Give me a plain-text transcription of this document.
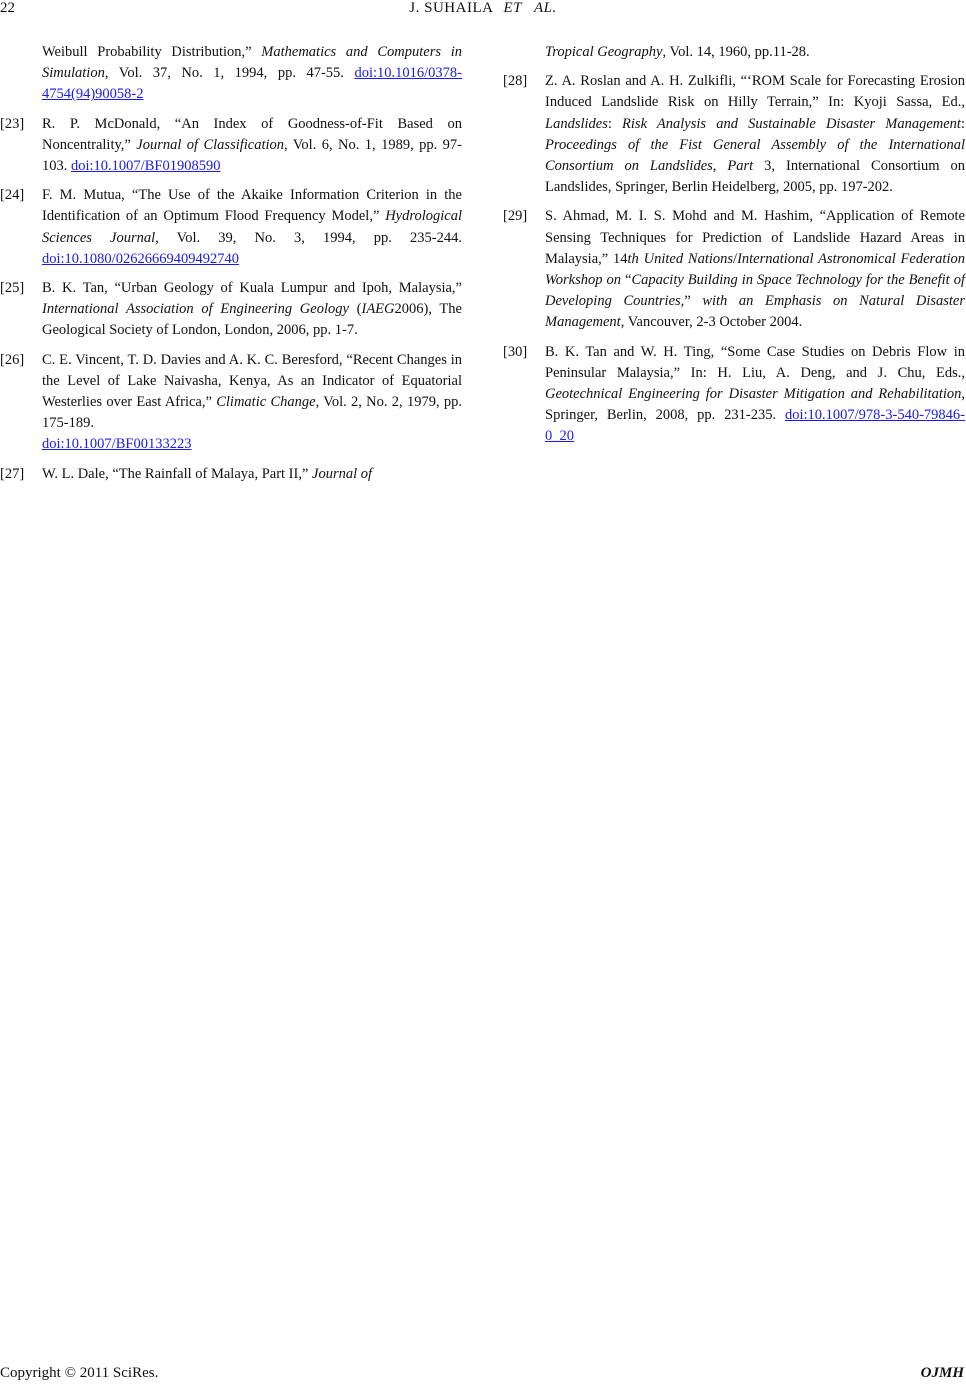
22	J. SUHAILA ET AL.
Weibull Probability Distribution,” Mathematics and Computers in Simulation, Vol. 37, No. 1, 1994, pp. 47-55. doi:10.1016/0378-4754(94)90058-2
[23]	R. P. McDonald, “An Index of Goodness-of-Fit Based on Noncentrality,” Journal of Classification, Vol. 6, No. 1, 1989, pp. 97-103. doi:10.1007/BF01908590
[24]	F. M. Mutua, “The Use of the Akaike Information Criterion in the Identification of an Optimum Flood Frequency Model,” Hydrological Sciences Journal, Vol. 39, No. 3, 1994, pp. 235-244. doi:10.1080/02626669409492740
[25]	B. K. Tan, “Urban Geology of Kuala Lumpur and Ipoh, Malaysia,” International Association of Engineering Geology (IAEG2006), The Geological Society of London, London, 2006, pp. 1-7.
[26]	C. E. Vincent, T. D. Davies and A. K. C. Beresford, “Recent Changes in the Level of Lake Naivasha, Kenya, As an Indicator of Equatorial Westerlies over East Africa,” Climatic Change, Vol. 2, No. 2, 1979, pp. 175-189.
doi:10.1007/BF00133223
[27]	W. L. Dale, “The Rainfall of Malaya, Part II,” Journal of
Tropical Geography, Vol. 14, 1960, pp.11-28.
[28]	Z. A. Roslan and A. H. Zulkifli, “‘ROM Scale for Forecasting Erosion Induced Landslide Risk on Hilly Terrain,” In: Kyoji Sassa, Ed., Landslides: Risk Analysis and Sustainable Disaster Management: Proceedings of the Fist General Assembly of the International Consortium on Landslides, Part 3, International Consortium on Landslides, Springer, Berlin Heidelberg, 2005, pp. 197-202.
[29]	S. Ahmad, M. I. S. Mohd and M. Hashim, “Application of Remote Sensing Techniques for Prediction of Landslide Hazard Areas in Malaysia,” 14th United Nations/International Astronomical Federation Workshop on “Capacity Building in Space Technology for the Benefit of Developing Countries,” with an Emphasis on Natural Disaster Management, Vancouver, 2-3 October 2004.
[30]	B. K. Tan and W. H. Ting, “Some Case Studies on Debris Flow in Peninsular Malaysia,” In: H. Liu, A. Deng, and J. Chu, Eds., Geotechnical Engineering for Disaster Mitigation and Rehabilitation, Springer, Berlin, 2008, pp. 231-235. doi:10.1007/978-3-540-79846-0_20
Copyright © 2011 SciRes.	OJMH
